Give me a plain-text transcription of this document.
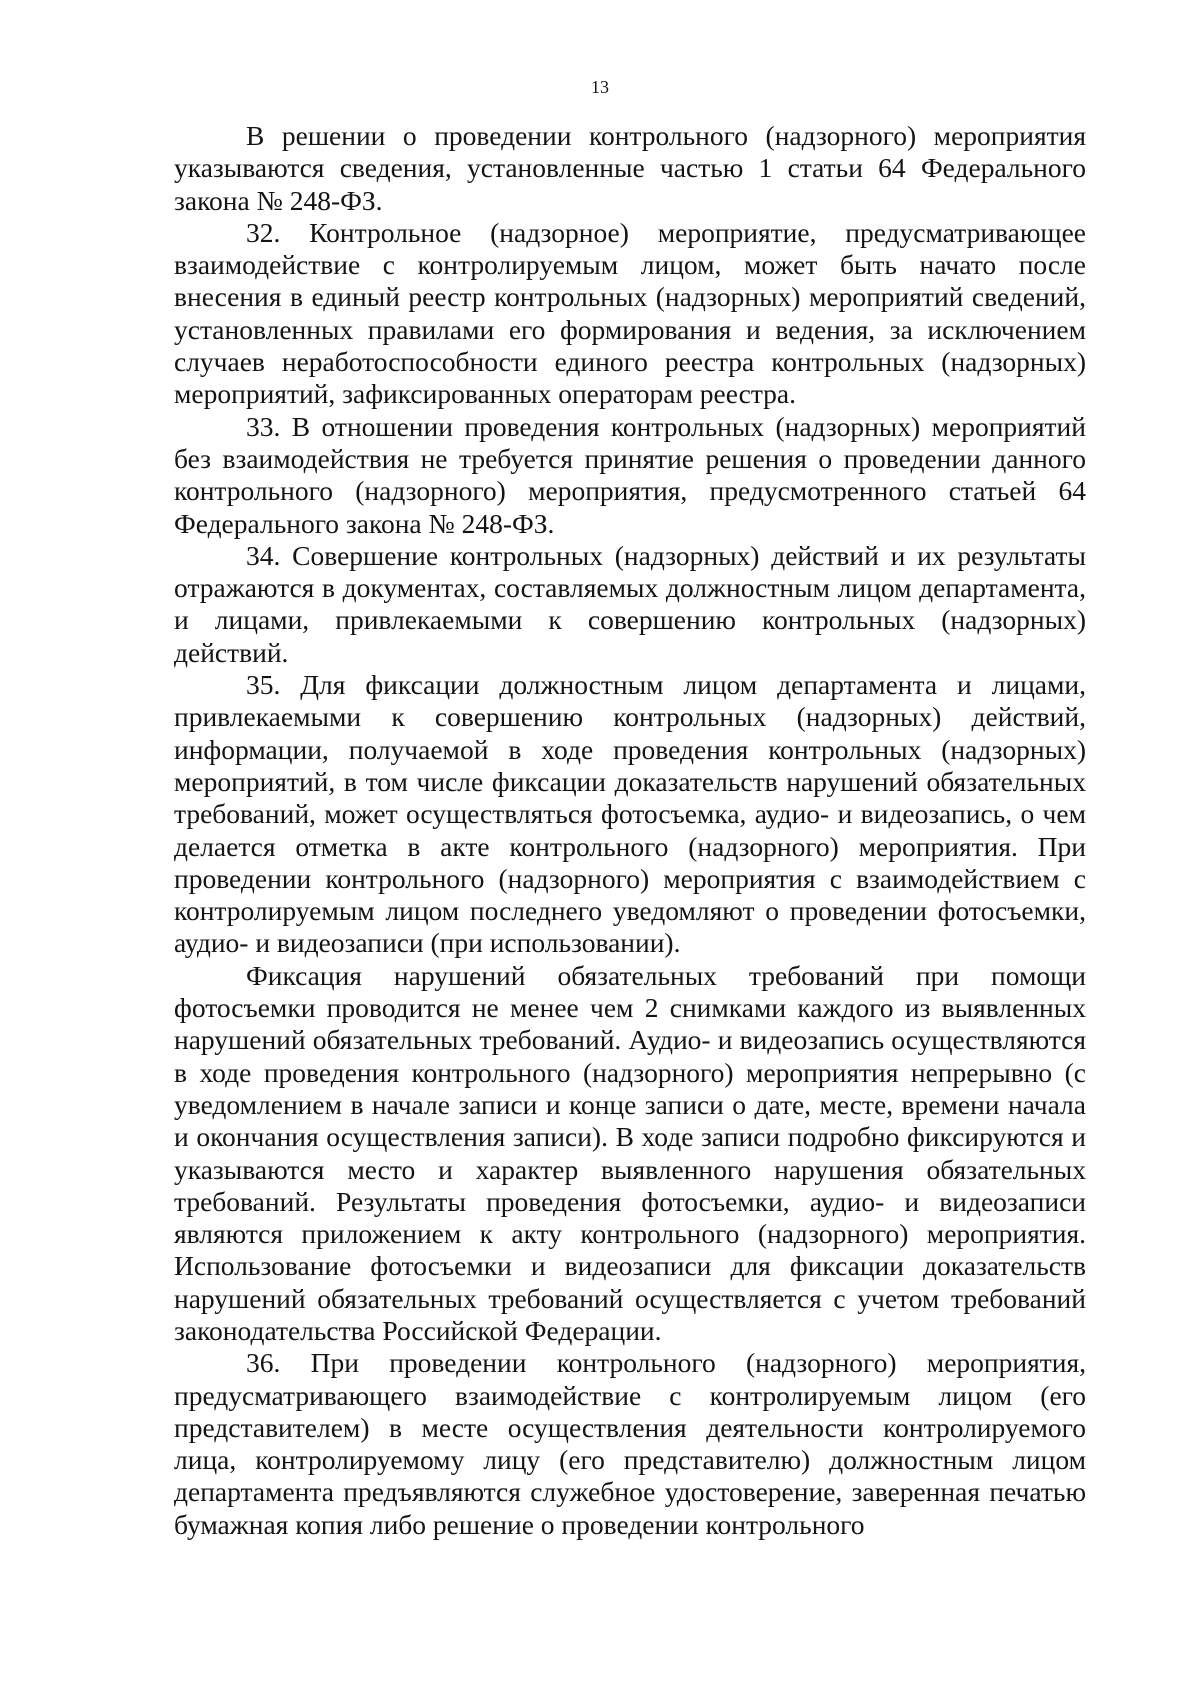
13

В решении о проведении контрольного (надзорного) мероприятия указываются сведения, установленные частью 1 статьи 64 Федерального закона № 248-ФЗ.

32. Контрольное (надзорное) мероприятие, предусматривающее взаимодействие с контролируемым лицом, может быть начато после внесения в единый реестр контрольных (надзорных) мероприятий сведений, установленных правилами его формирования и ведения, за исключением случаев неработоспособности единого реестра контрольных (надзорных) мероприятий, зафиксированных операторам реестра.

33. В отношении проведения контрольных (надзорных) мероприятий без взаимодействия не требуется принятие решения о проведении данного контрольного (надзорного) мероприятия, предусмотренного статьей 64 Федерального закона № 248-ФЗ.

34. Совершение контрольных (надзорных) действий и их результаты отражаются в документах, составляемых должностным лицом департамента, и лицами, привлекаемыми к совершению контрольных (надзорных) действий.

35. Для фиксации должностным лицом департамента и лицами, привлекаемыми к совершению контрольных (надзорных) действий, информации, получаемой в ходе проведения контрольных (надзорных) мероприятий, в том числе фиксации доказательств нарушений обязательных требований, может осуществляться фотосъемка, аудио- и видеозапись, о чем делается отметка в акте контрольного (надзорного) мероприятия. При проведении контрольного (надзорного) мероприятия с взаимодействием с контролируемым лицом последнего уведомляют о проведении фотосъемки, аудио- и видеозаписи (при использовании).

Фиксация нарушений обязательных требований при помощи фотосъемки проводится не менее чем 2 снимками каждого из выявленных нарушений обязательных требований. Аудио- и видеозапись осуществляются в ходе проведения контрольного (надзорного) мероприятия непрерывно (с уведомлением в начале записи и конце записи о дате, месте, времени начала и окончания осуществления записи). В ходе записи подробно фиксируются и указываются место и характер выявленного нарушения обязательных требований. Результаты проведения фотосъемки, аудио- и видеозаписи являются приложением к акту контрольного (надзорного) мероприятия. Использование фотосъемки и видеозаписи для фиксации доказательств нарушений обязательных требований осуществляется с учетом требований законодательства Российской Федерации.

36. При проведении контрольного (надзорного) мероприятия, предусматривающего взаимодействие с контролируемым лицом (его представителем) в месте осуществления деятельности контролируемого лица, контролируемому лицу (его представителю) должностным лицом департамента предъявляются служебное удостоверение, заверенная печатью бумажная копия либо решение о проведении контрольного
